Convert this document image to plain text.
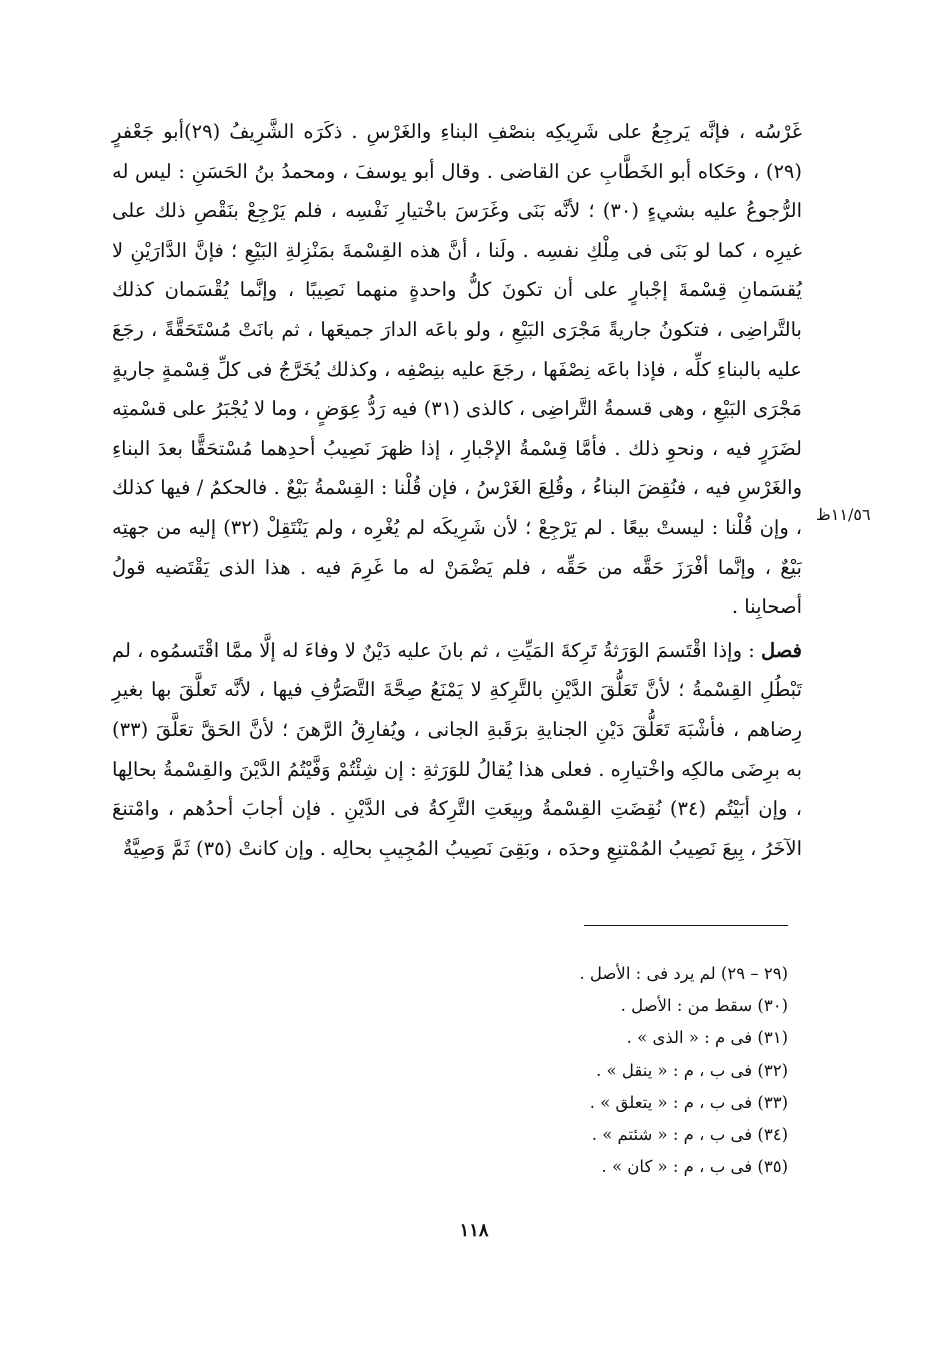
غَرْسُه ، فإنَّه يَرجِعُ على شَرِيكِه بنصْفِ البناءِ والغَرْسِ . ذكَرَه الشَّرِيفُ (٢٩)أبو جَعْفرٍ (٢٩) ، وحَكاه أبو الخَطَّابِ عن القاضى . وقال أبو يوسفَ ، ومحمدُ بنُ الحَسَنِ : ليس له الرُّجوعُ عليه بشيءٍ (٣٠) ؛ لأنَّه بَنَى وغَرَسَ باخْتيارِ نَفْسِه ، فلم يَرْجِعْ بنَقْصِ ذلك على غيرِه ، كما لو بَنَى فى مِلْكِ نفسِه . ولَنا ، أنَّ هذه القِسْمةَ بمَنْزِلةِ البَيْعِ ؛ فإنَّ الدَّارَيْنِ لا يُقسَمانِ قِسْمةَ إجْبارٍ على أن تكونَ كلُّ واحدةٍ منهما نَصِيبًا ، وإنَّما يُقْسَمان كذلك بالتَّراضِى ، فتكونُ جاريةً مَجْرَى البَيْعِ ، ولو باعَه الدارَ جميعَها ، ثم بانَتْ مُسْتَحَقَّةً ، رجَعَ عليه بالبناءِ كلِّه ، فإذا باعَه نِصْفَها ، رجَعَ عليه بنِصْفِه ، وكذلك يُخَرَّجُ فى كلِّ قِسْمةٍ جاريةٍ مَجْرَى البَيْعِ ، وهى قسمةُ التَّراضِى ، كالذى (٣١) فيه رَدُّ عِوَضٍ ، وما لا يُجْبَرُ على قسْمتِه لضَرَرٍ فيه ، ونحوِ ذلك . فأمَّا قِسْمةُ الإجْبارِ ، إذا ظهرَ نَصِيبُ أحدِهما مُسْتحَقًّا بعدَ البناءِ والغَرْسِ فيه ، فنُقِضَ البناءُ ، وقُلِعَ الغَرْسُ ، فإن قُلْنا : القِسْمةُ بَيْعٌ . فالحكمُ / فيها كذلك ، وإن قُلْنا : ليستْ بيعًا . لم يَرْجِعْ ؛ لأن شَرِيكَه لم يُغْرِه ، ولم يَنْتَقِلْ (٣٢) إليه من جهتِه بَيْعٌ ، وإنَّما أفْرَزَ حَقَّه من حَقِّه ، فلم يَضْمَنْ له ما غَرِمَ فيه . هذا الذى يَقْتَضيه قولُ أصحابِنا .

فصل : وإذا اقْتَسمَ الوَرَثةُ تَرِكةَ المَيِّتِ ، ثم بانَ عليه دَيْنٌ لا وفاءَ له إلَّا ممَّا اقْتَسمُوه ، لم تَبْطُلِ القِسْمةُ ؛ لأنَّ تَعَلُّقَ الدَّيْنِ بالتَّرِكةِ لا يَمْنَعُ صِحَّةَ التَّصَرُّفِ فيها ، لأنَّه تَعلَّقَ بها بغيرِ رِضاهم ، فأشْبَهَ تَعَلُّقَ دَيْنِ الجنايةِ برَقَبةِ الجانى ، ويُفارِقُ الرَّهنَ ؛ لأنَّ الحَقَّ تعَلَّقَ (٣٣) به برِضَى مالكِه واخْتيارِه . فعلى هذا يُقالُ للوَرَثةِ : إن شِئْتُمْ وَفَّيْتُمُ الدَّيْنَ والقِسْمةُ بحالِها ، وإن أبَيْتُم (٣٤) نُقِضَتِ القِسْمةُ وبِيعَتِ التَّرِكةُ فى الدَّيْنِ . فإن أجابَ أحدُهم ، وامْتنعَ الآخَرُ ، بِيعَ نَصِيبُ المُمْتنِعِ وحدَه ، وبَقِىَ نَصِيبُ المُجِيبِ بحالِه . وإن كانتْ (٣٥) ثَمَّ وَصِيَّةٌ

١١/٥٦ظ

(٢٩ – ٢٩) لم يرد فى : الأصل .

(٣٠) سقط من : الأصل .

(٣١) فى م : « الذى » .

(٣٢) فى ب ، م : « ينقل » .

(٣٣) فى ب ، م : « يتعلق » .

(٣٤) فى ب ، م : « شئتم » .

(٣٥) فى ب ، م : « كان » .

١١٨
